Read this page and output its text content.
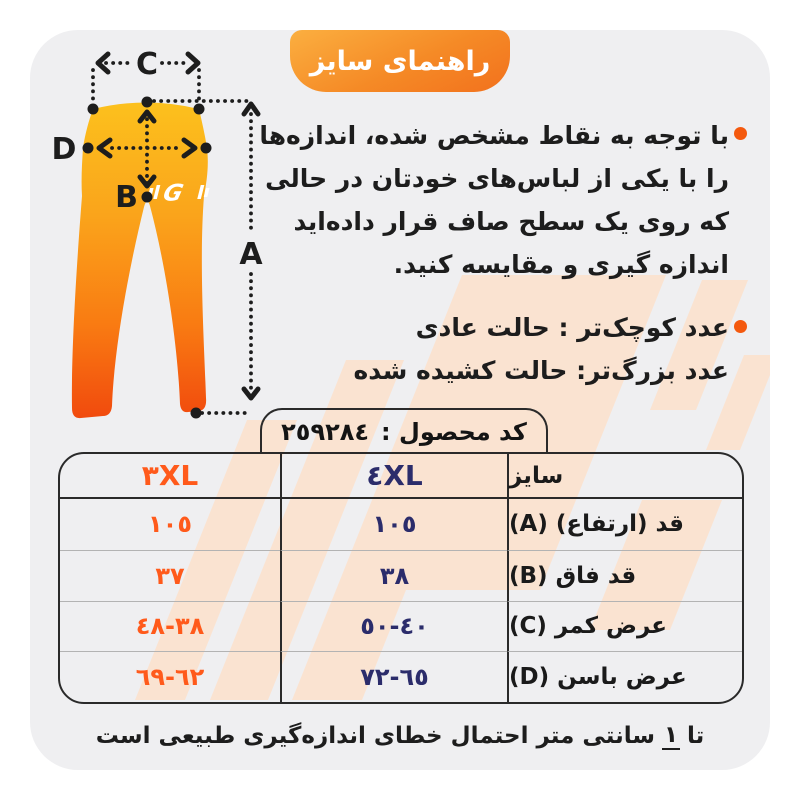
راهنمای سایز
G
C
D
B
A
با توجه به نقاط مشخص شده، اندازه‌ها
را با یکی از لباس‌های خودتان در حالی
که روی یک سطح صاف قرار داده‌اید
اندازه گیری و مقایسه کنید.
عدد کوچک‌تر : حالت عادی
عدد بزرگ‌تر: حالت کشیده شده
کد محصول :
٢٥٩٢٨٤
٣XL	٤XL	سایز
١٠٥	١٠٥	قد (ارتفاع) (A)
٣٧	٣٨	قد فاق (B)
٣٨-٤٨	٤٠-٥٠	عرض کمر (C)
٦٢-٦٩	٦٥-٧٢	عرض باسن (D)
تا
١
سانتی متر احتمال خطای اندازه‌گیری طبیعی است
